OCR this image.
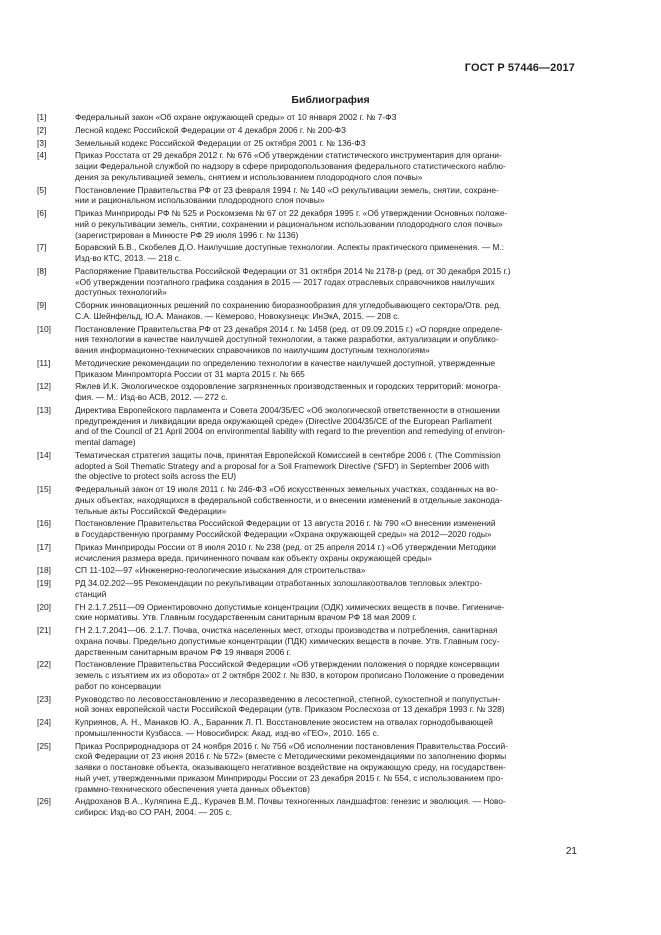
ГОСТ Р 57446—2017
Библиография
[1]	Федеральный закон «Об охране окружающей среды» от 10 января 2002 г. № 7-ФЗ
[2]	Лесной кодекс Российской Федерации от 4 декабря 2006 г. № 200-ФЗ
[3]	Земельный кодекс Российской Федерации от 25 октября 2001 г. № 136-ФЗ
[4]	Приказ Росстата от 29 декабря 2012 г. № 676 «Об утверждении статистического инструментария для органи-
зации Федеральной службой по надзору в сфере природопользования федерального статистического наблю-
дения за рекультивацией земель, снятием и использованием плодородного слоя почвы»
[5]	Постановление Правительства РФ от 23 февраля 1994 г. № 140 «О рекультивации земель, снятии, сохране-
нии и рациональном использовании плодородного слоя почвы»
[6]	Приказ Минприроды РФ № 525 и Роскомзема № 67 от 22 декабря 1995 г. «Об утверждении Основных положе-
ний о рекультивации земель, снятии, сохранении и рациональном использовании плодородного слоя почвы»
(зарегистрирован в Минюсте РФ 29 июля 1996 г. № 1136)
[7]	Боравский Б.В., Скобелев Д.О. Наилучшие доступные технологии. Аспекты практического применения. — М.:
Изд-во КТС, 2013. — 218 с.
[8]	Распоряжение Правительства Российской Федерации от 31 октября 2014 № 2178-р (ред. от 30 декабря 2015 г.)
«Об утверждении поэтапного графика создания в 2015 — 2017 годах отраслевых справочников наилучших
доступных технологий»
[9]	Сборник инновационных решений по сохранению биоразнообразия для угледобывающего сектора/Отв. ред.
С.А. Шейнфельд, Ю.А. Манаков. — Кемерово, Новокузнецк: ИнЭкА, 2015. — 208 с.
[10]	Постановление Правительства РФ от 23 декабря 2014 г. № 1458 (ред. от 09.09.2015 г.) «О порядке определе-
ния технологии в качестве наилучшей доступной технологии, а также разработки, актуализации и опублико-
вания информационно-технических справочников по наилучшим доступным технологиям»
[11]	Методические рекомендации по определению технологии в качестве наилучшей доступной, утвержденные
Приказом Минпромторга России от 31 марта 2015 г. № 665
[12]	Яжлев И.К. Экологическое оздоровление загрязненных производственных и городских территорий: моногра-
фия. — М.: Изд-во АСВ, 2012. — 272 с.
[13]	Директива Европейского парламента и Совета 2004/35/ЕС «Об экологической ответственности в отношении
предупреждения и ликвидации вреда окружающей среде» (Directive 2004/35/CE of the European Parliament
and of the Council of 21 April 2004 on environmental liability with regard to the prevention and remedying of environ-
mental damage)
[14]	Тематическая стратегия защиты почв, принятая Европейской Комиссией в сентябре 2006 г. (The Commission
adopted a Soil Thematic Strategy and a proposal for a Soil Framework Directive ('SFD') in September 2006 with
the objective to protect soils across the EU)
[15]	Федеральный закон от 19 июля 2011 г. № 246-ФЗ «Об искусственных земельных участках, созданных на во-
дных объектах, находящихся в федеральной собственности, и о внесении изменений в отдельные законода-
тельные акты Российской Федерации»
[16]	Постановление Правительства Российской Федерации от 13 августа 2016 г. № 790 «О внесении изменений
в Государственную программу Российской Федерации «Охрана окружающей среды» на 2012—2020 годы»
[17]	Приказ Минприроды России от 8 июля 2010 г. № 238 (ред. от 25 апреля 2014 г.) «Об утверждении Методики
исчисления размера вреда, причиненного почвам как объекту охраны окружающей среды»
[18]	СП 11-102—97 «Инженерно-геологические изыскания для строительства»
[19]	РД 34.02.202—95 Рекомендации по рекультивации отработанных золошлакоотвалов тепловых электро-
станций
[20]	ГН 2.1.7.2511—09 Ориентировочно допустимые концентрации (ОДК) химических веществ в почве. Гигиениче-
ские нормативы. Утв. Главным государственным санитарным врачом РФ 18 мая 2009 г.
[21]	ГН 2.1.7.2041—06. 2.1.7. Почва, очистка населенных мест, отходы производства и потребления, санитарная
охрана почвы. Предельно допустимые концентрации (ПДК) химических веществ в почве. Утв. Главным госу-
дарственным санитарным врачом РФ 19 января 2006 г.
[22]	Постановление Правительства Российской Федерации «Об утверждении положения о порядке консервации
земель с изъятием их из оборота» от 2 октября 2002 г. № 830, в котором прописано Положение о проведении
работ по консервации
[23]	Руководство по лесовосстановлению и лесоразведению в лесостепной, степной, сухостепной и полупустын-
ной зонах европейской части Российской Федерации (утв. Приказом Рослесхоза от 13 декабря 1993 г. № 328)
[24]	Куприянов, А. Н., Манаков Ю. А., Баранник Л. П. Восстановление экосистем на отвалах горнодобывающей
промышленности Кузбасса. — Новосибирск: Акад. изд-во «ГЕО», 2010. 165 с.
[25]	Приказ Росприроднадзора от 24 ноября 2016 г. № 756 «Об исполнении постановления Правительства Россий-
ской Федерации от 23 июня 2016 г. № 572» (вместе с Методическими рекомендациями по заполнению формы
заявки о постановке объекта, оказывающего негативное воздействие на окружающую среду, на государствен-
ный учет, утвержденными приказом Минприроды России от 23 декабря 2015 г. № 554, с использованием про-
граммно-технического обеспечения учета данных объектов)
[26]	Андроханов В.А., Куляпина Е.Д., Курачев В.М. Почвы техногенных ландшафтов: генезис и эволюция. — Ново-
сибирск: Изд-во СО РАН, 2004. — 205 с.
21
